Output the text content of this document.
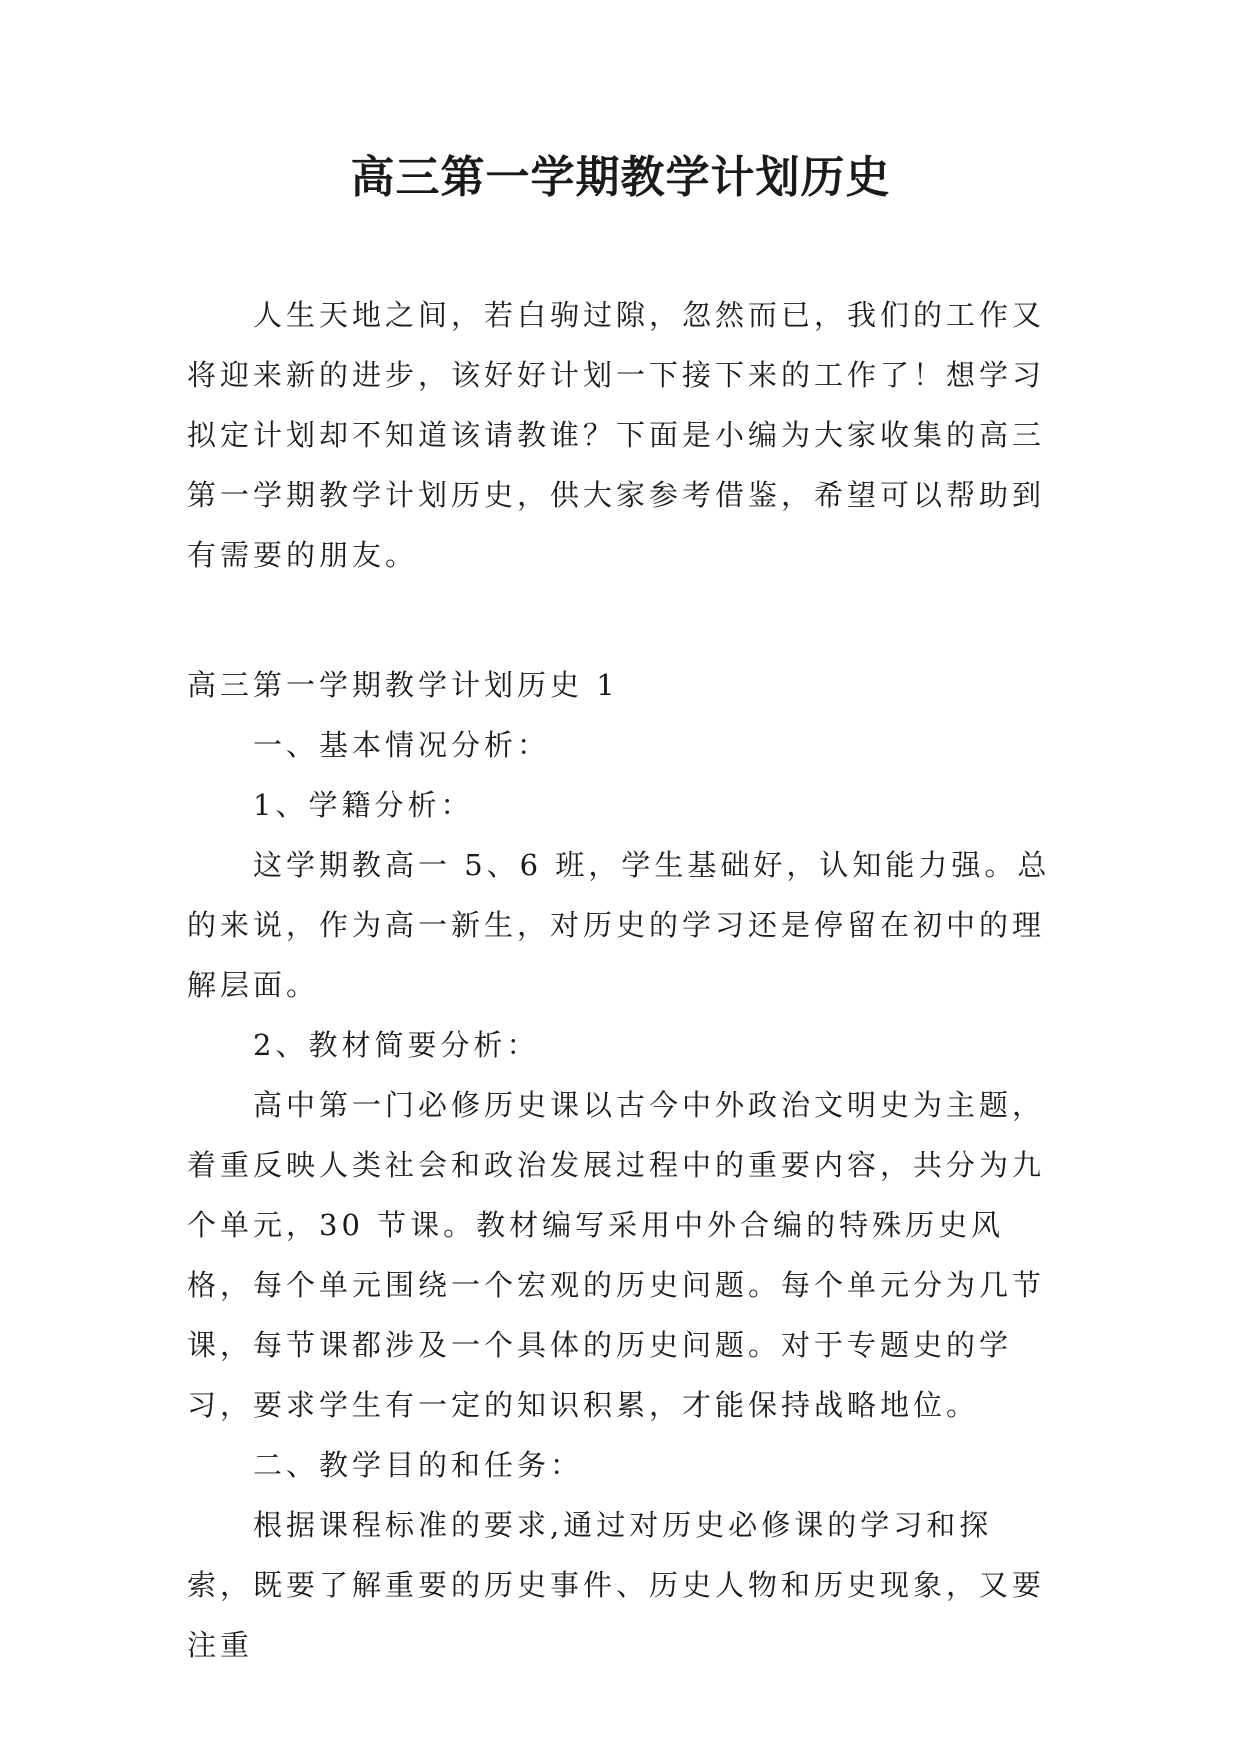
高三第一学期教学计划历史

人生天地之间，若白驹过隙，忽然而已，我们的工作又将迎来新的进步，该好好计划一下接下来的工作了！想学习拟定计划却不知道该请教谁？下面是小编为大家收集的高三第一学期教学计划历史，供大家参考借鉴，希望可以帮助到有需要的朋友。

高三第一学期教学计划历史 1

一、基本情况分析：

1、学籍分析：

这学期教高一 5、6 班，学生基础好，认知能力强。总的来说，作为高一新生，对历史的学习还是停留在初中的理解层面。

2、教材简要分析：

高中第一门必修历史课以古今中外政治文明史为主题，着重反映人类社会和政治发展过程中的重要内容，共分为九个单元，30 节课。教材编写采用中外合编的特殊历史风格，每个单元围绕一个宏观的历史问题。每个单元分为几节课，每节课都涉及一个具体的历史问题。对于专题史的学习，要求学生有一定的知识积累，才能保持战略地位。

二、教学目的和任务：

根据课程标准的要求,通过对历史必修课的学习和探索，既要了解重要的历史事件、历史人物和历史现象，又要注重
